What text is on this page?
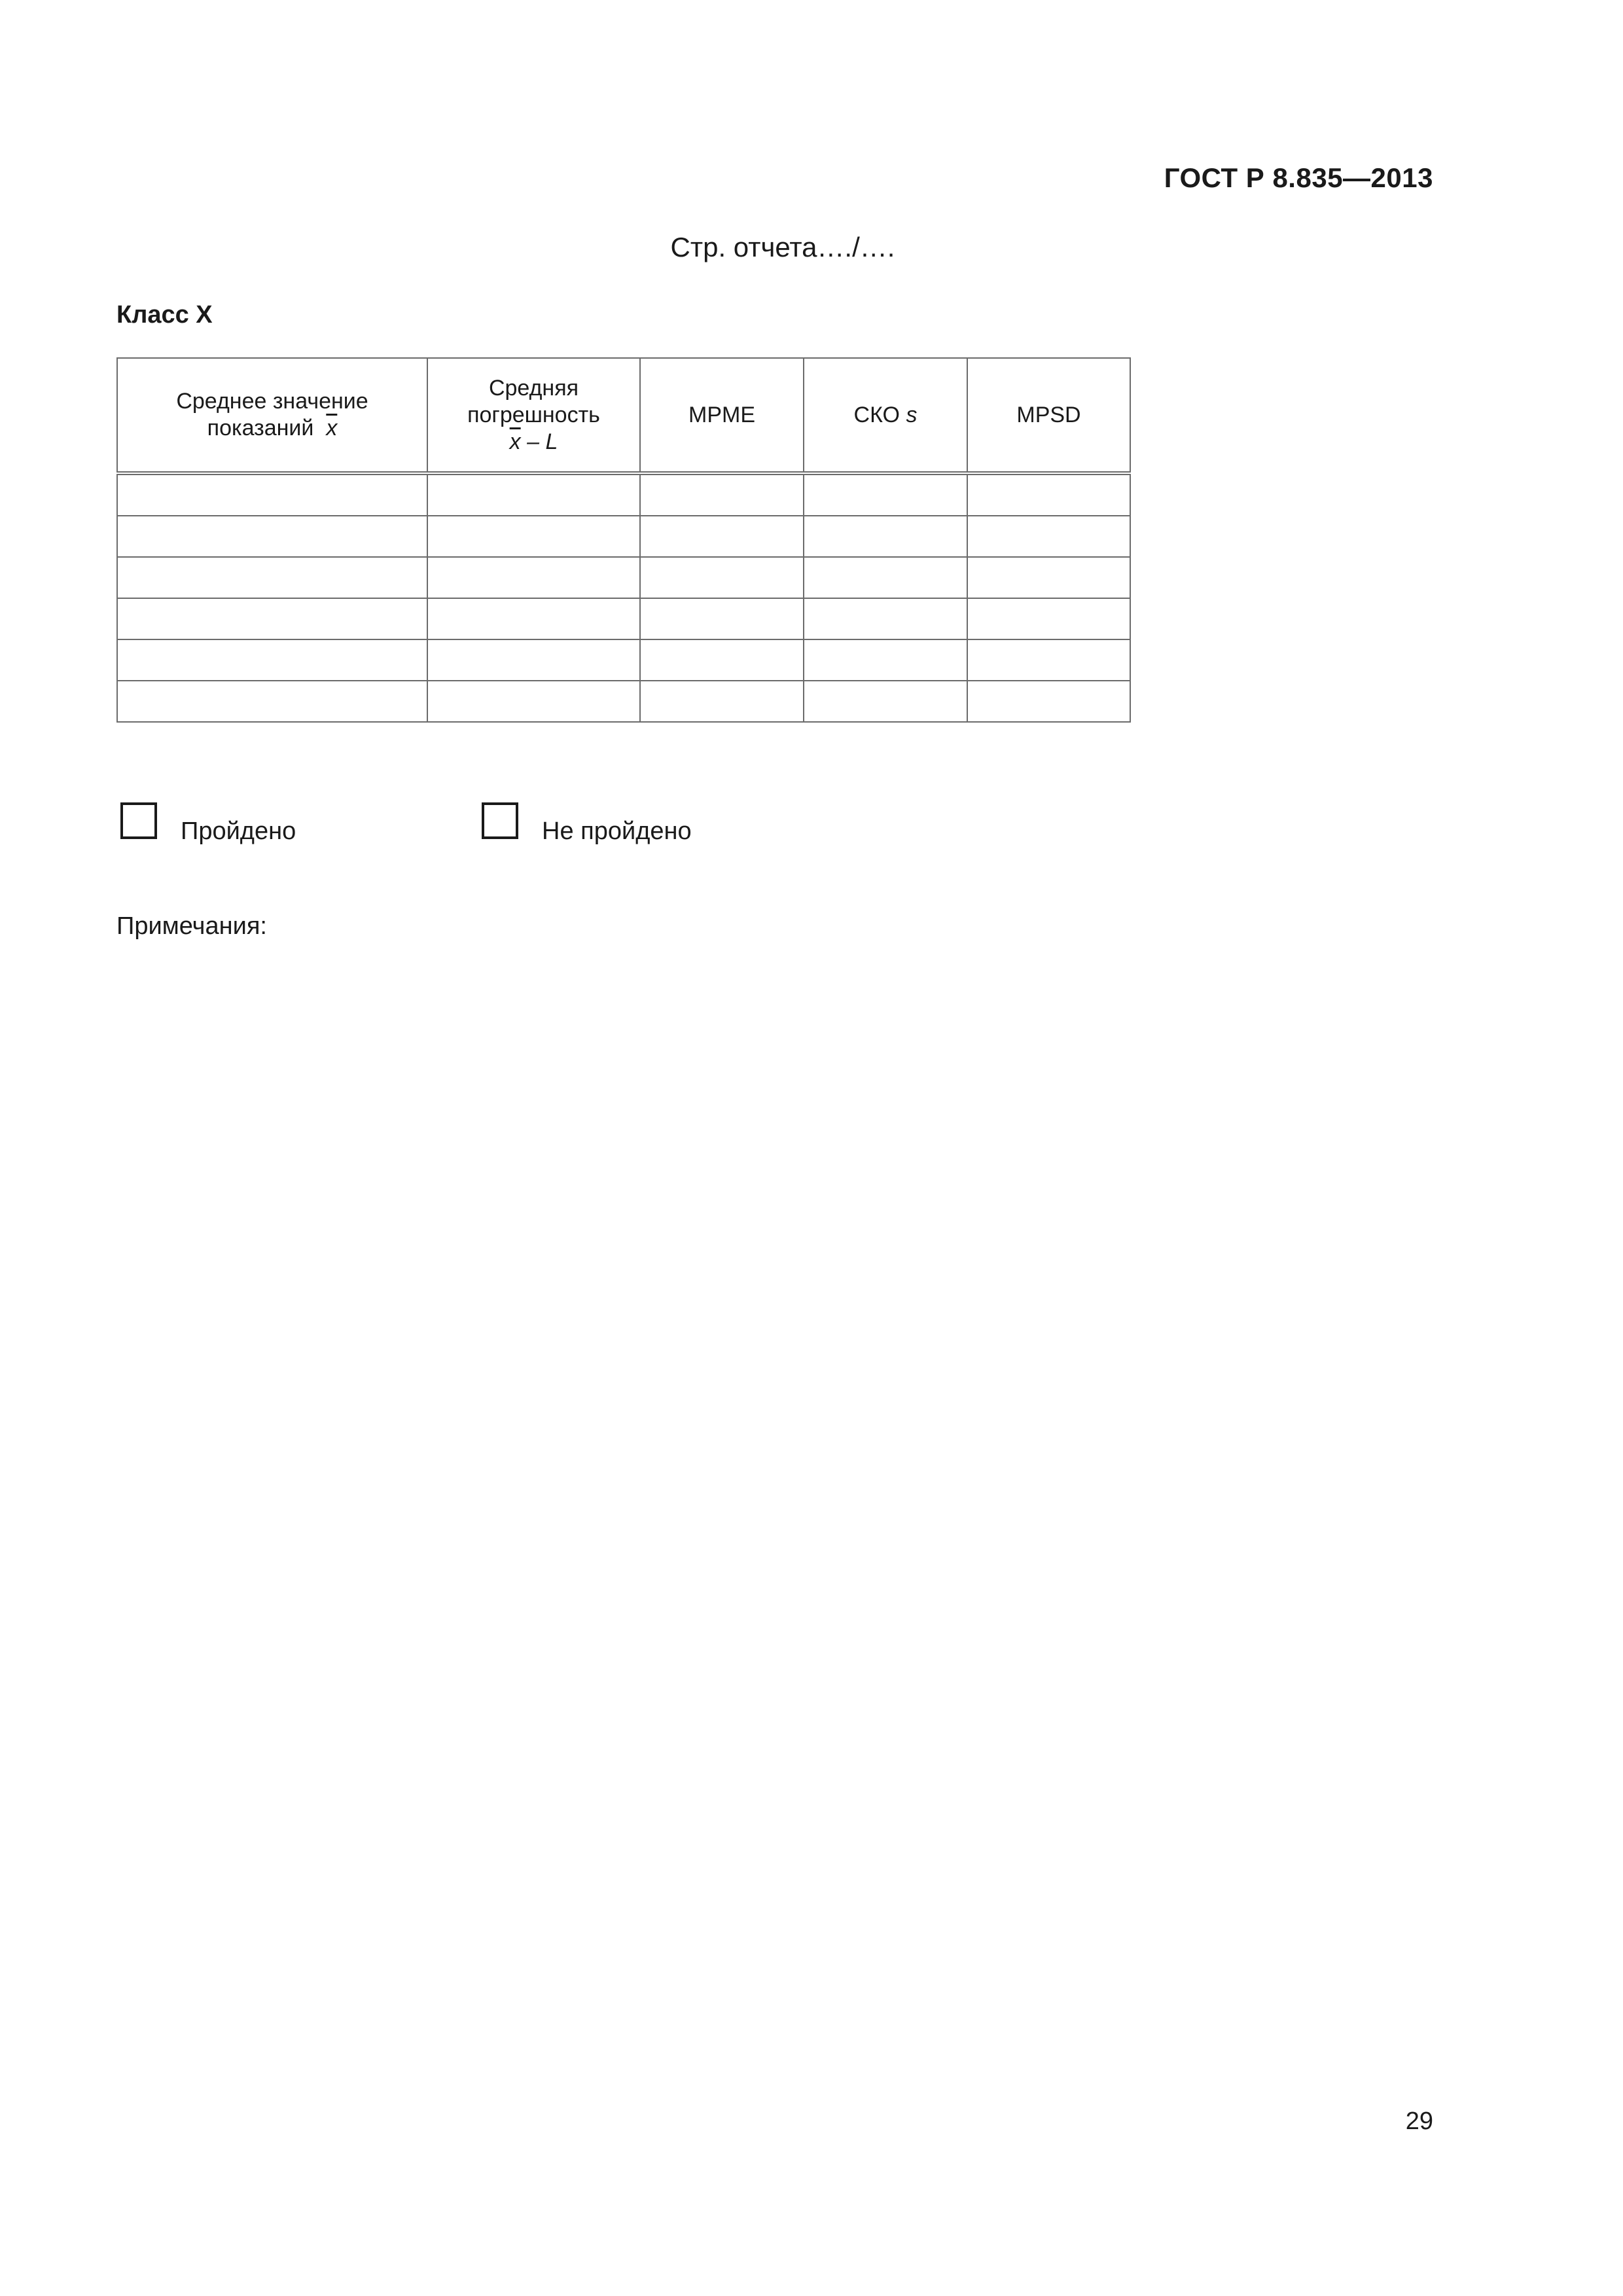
ГОСТ Р 8.835—2013
Стр. отчета…./….
Класс X
Среднее значение
показаний $\overline{x}$	Средняя
погрешность
$\overline{x}$ – L	MPME	СКО s	MPSD

Пройдено	Не пройдено
Примечания:
29
